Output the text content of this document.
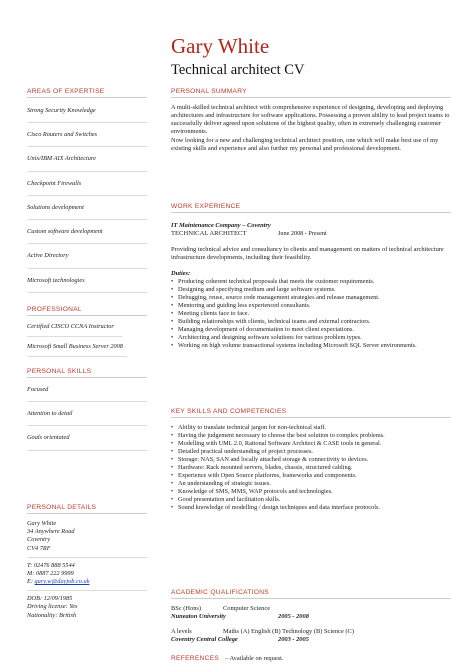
Gary White
Technical architect CV
AREAS OF EXPERTISE
Strong Security Knowledge
Cisco Routers and Switches
Unix/IBM AIX Architecture
Checkpoint Firewalls
Solutions development
Custom software development
Active Directory
Microsoft technologies
PROFESSIONAL
Certified CISCO CCNA Instructor
Microsoft Small Business Server 2008
PERSONAL SKILLS
Focused
Attention to detail
Goals orientated
PERSONAL DETAILS
Gary White
34 Anywhere Road
Coventry
CV4 7RF
T: 02476 888 5544
M: 0887 222 9999
E: gary.w@dayjob.co.uk
DOB: 12/09/1985
Driving license: Yes
Nationality: British
PERSONAL SUMMARY
A multi-skilled technical architect with comprehensive experience of designing, developing and deploying architectures and infrastructure for software applications. Possessing a proven ability to lead project teams to successfully deliver agreed upon solutions of the highest quality, often in extremely challenging customer environments.
Now looking for a new and challenging technical architect position, one which will make best use of my existing skills and experience and also further my personal and professional development.
WORK EXPERIENCE
IT Maintenance Company – Coventry
TECHNICAL ARCHITECT	June 2008 - Present
Providing technical advice and consultancy to clients and management on matters of technical architecture infrastructure developments, including their feasibility.
Duties:
• Producing coherent technical proposals that meets the customer requirements.
• Designing and specifying medium and large software systems.
• Debugging, reuse, source code management strategies and release management.
• Mentoring and guiding less experienced consultants.
• Meeting clients face to face.
• Building relationships with clients, technical teams and external contractors.
• Managing development of documentation to meet client expectations.
• Architecting and designing software solutions for various problem types.
• Working on high volume transactional systems including Microsoft SQL Server environments.
KEY SKILLS AND COMPETENCIES
• Ability to translate technical jargon for non-technical staff.
• Having the judgement necessary to choose the best solution to complex problems.
• Modelling with UML 2.0, Rational Software Architect & CASE tools in general.
• Detailed practical understanding of project processes.
• Storage: NAS, SAN and locally attached storage & connectivity to devices.
• Hardware: Rack mounted servers, blades, chassis, structured cabling.
• Experience with Open Source platforms, frameworks and components.
• An understanding of strategic issues.
• Knowledge of SMS, MMS, WAP protocols and technologies.
• Good presentation and facilitation skills.
• Sound knowledge of modelling / design techniques and data interface protocols.
ACADEMIC QUALIFICATIONS
BSc (Hons)	Computer Science
Nuneaton University	2005 - 2008
A levels	Maths (A) English (B) Technology (B) Science (C)
Coventry Central College	2003 - 2005
REFERENCES – Available on request.
